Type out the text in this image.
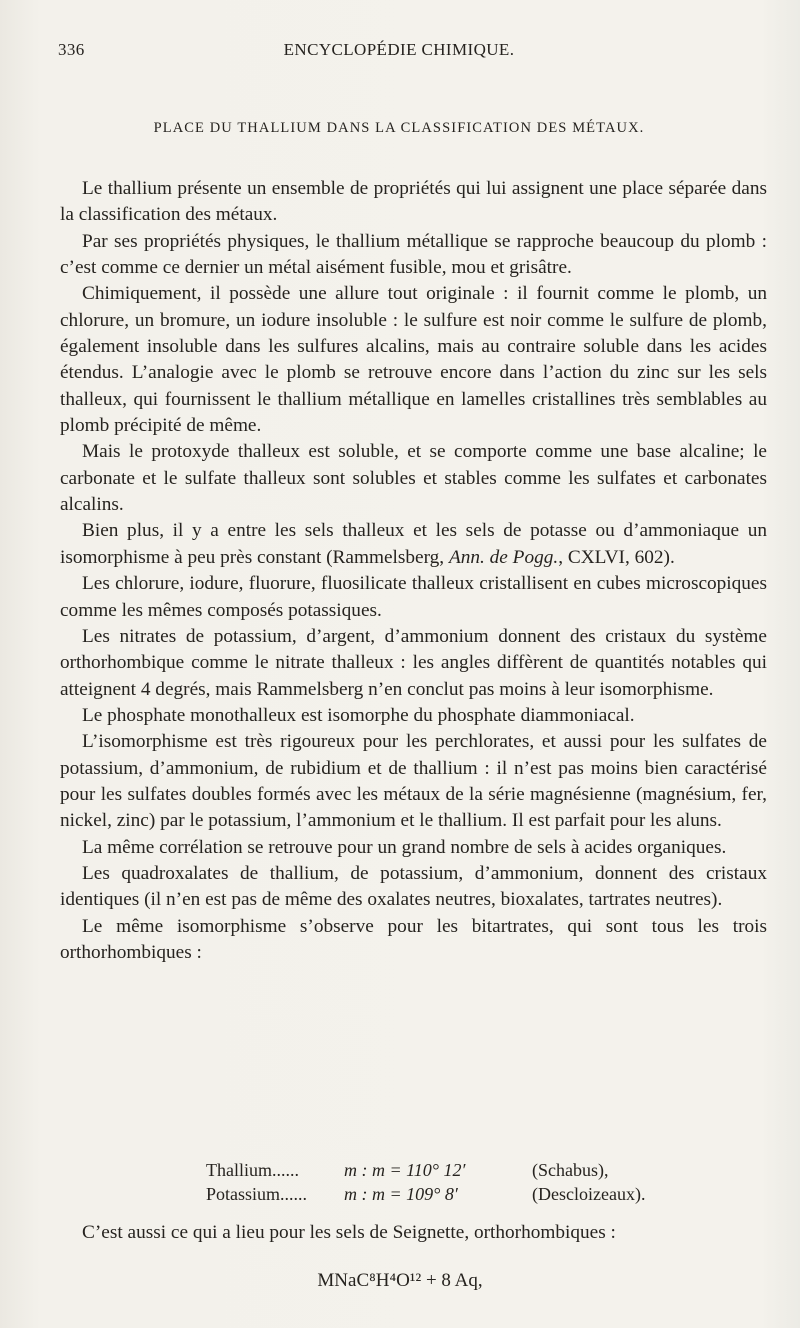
336	ENCYCLOPÉDIE CHIMIQUE.
PLACE DU THALLIUM DANS LA CLASSIFICATION DES MÉTAUX.

Le thallium présente un ensemble de propriétés qui lui assignent une place séparée dans la classification des métaux.

Par ses propriétés physiques, le thallium métallique se rapproche beaucoup du plomb : c’est comme ce dernier un métal aisément fusible, mou et grisâtre.

Chimiquement, il possède une allure tout originale : il fournit comme le plomb, un chlorure, un bromure, un iodure insoluble : le sulfure est noir comme le sulfure de plomb, également insoluble dans les sulfures alcalins, mais au contraire soluble dans les acides étendus. L’analogie avec le plomb se retrouve encore dans l’action du zinc sur les sels thalleux, qui fournissent le thallium métallique en lamelles cristallines très semblables au plomb précipité de même.

Mais le protoxyde thalleux est soluble, et se comporte comme une base alcaline; le carbonate et le sulfate thalleux sont solubles et stables comme les sulfates et carbonates alcalins.

Bien plus, il y a entre les sels thalleux et les sels de potasse ou d’ammoniaque un isomorphisme à peu près constant (Rammelsberg, Ann. de Pogg., CXLVI, 602).

Les chlorure, iodure, fluorure, fluosilicate thalleux cristallisent en cubes microscopiques comme les mêmes composés potassiques.

Les nitrates de potassium, d’argent, d’ammonium donnent des cristaux du système orthorhombique comme le nitrate thalleux : les angles diffèrent de quantités notables qui atteignent 4 degrés, mais Rammelsberg n’en conclut pas moins à leur isomorphisme.

Le phosphate monothalleux est isomorphe du phosphate diammoniacal.

L’isomorphisme est très rigoureux pour les perchlorates, et aussi pour les sulfates de potassium, d’ammonium, de rubidium et de thallium : il n’est pas moins bien caractérisé pour les sulfates doubles formés avec les métaux de la série magnésienne (magnésium, fer, nickel, zinc) par le potassium, l’ammonium et le thallium. Il est parfait pour les aluns.

La même corrélation se retrouve pour un grand nombre de sels à acides organiques.

Les quadroxalates de thallium, de potassium, d’ammonium, donnent des cristaux identiques (il n’en est pas de même des oxalates neutres, bioxalates, tartrates neutres).

Le même isomorphisme s’observe pour les bitartrates, qui sont tous les trois orthorhombiques :

Thallium......	m : m = 110° 12′	(Schabus),
Potassium......	m : m = 109° 8′	(Descloizeaux).

C’est aussi ce qui a lieu pour les sels de Seignette, orthorhombiques :

MNaC⁸H⁴O¹² + 8 Aq,
